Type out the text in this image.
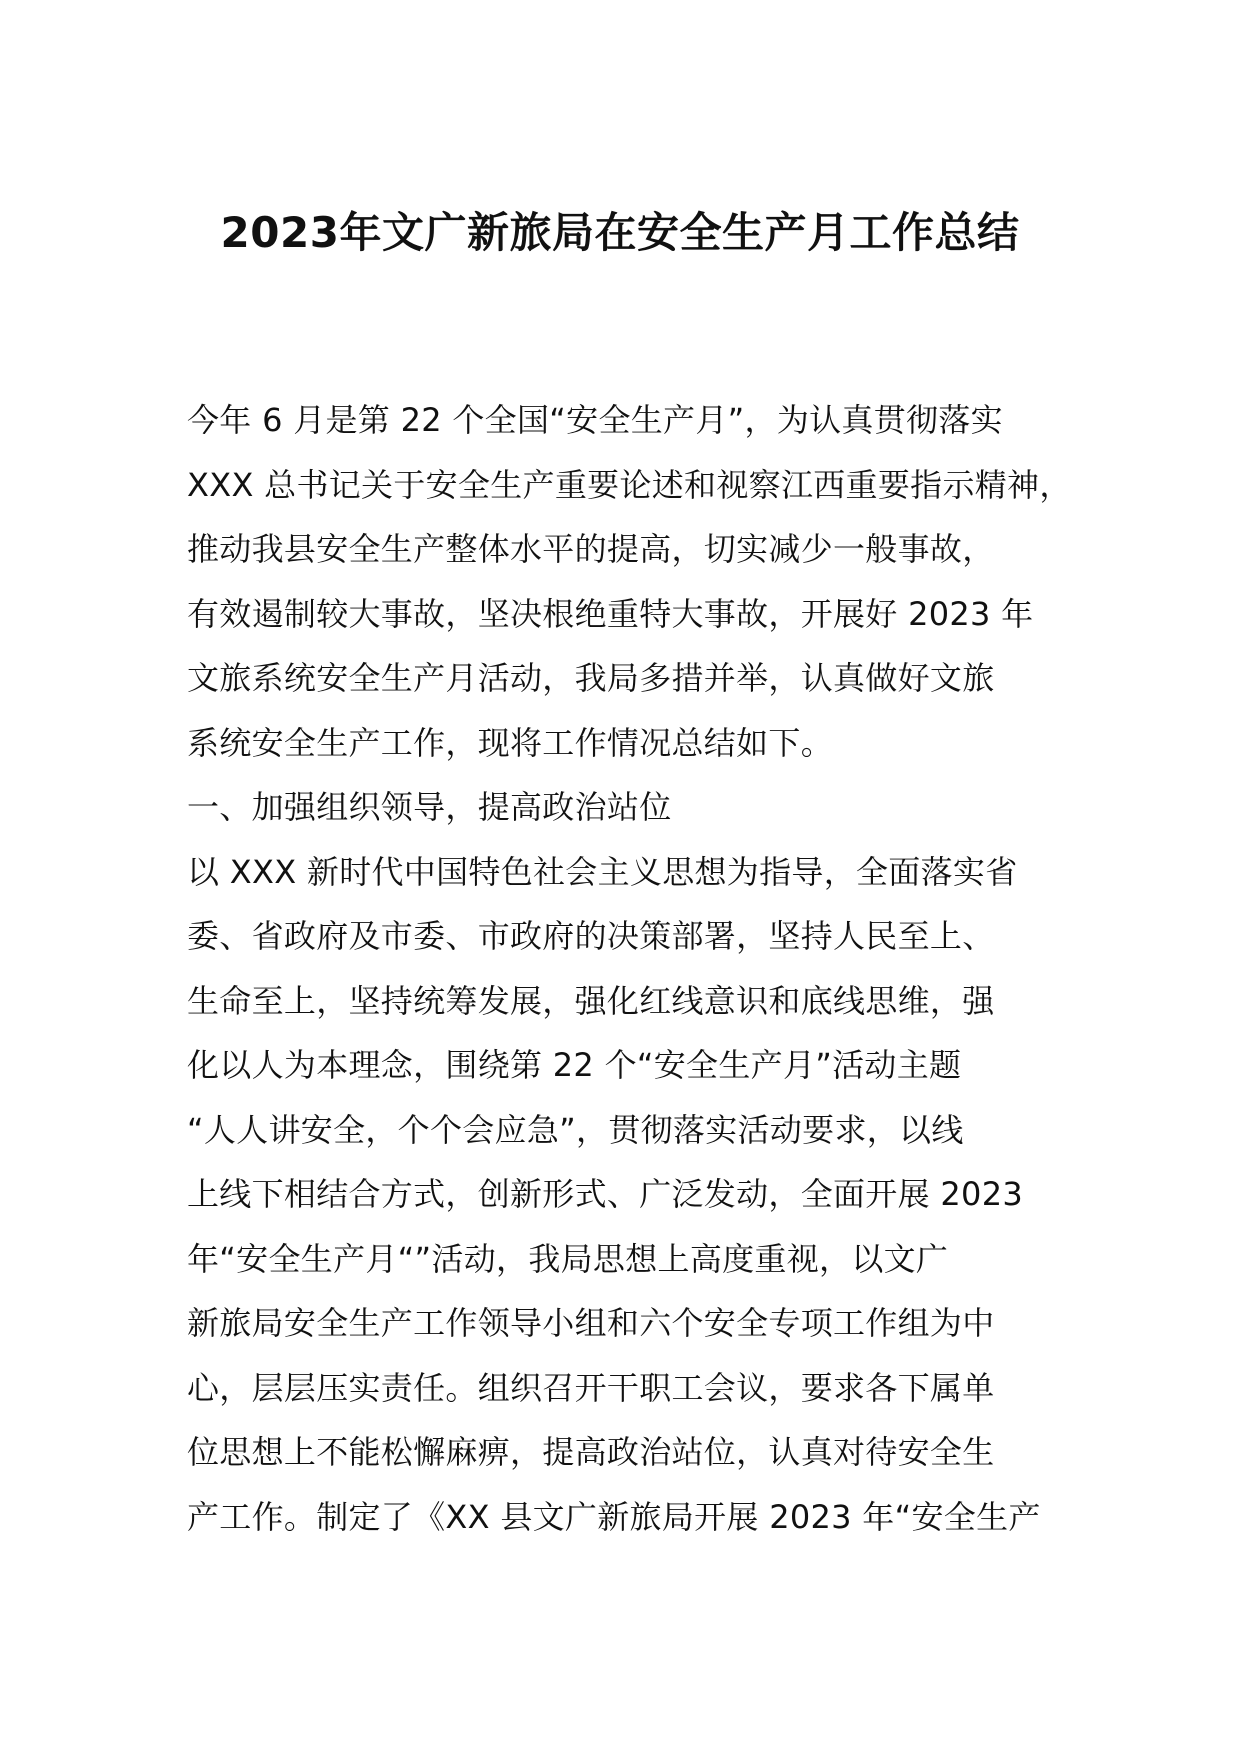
2023年文广新旅局在安全生产月工作总结
今年 6 月是第 22 个全国“安全生产月”，为认真贯彻落实
XXX 总书记关于安全生产重要论述和视察江西重要指示精神，
推动我县安全生产整体水平的提高，切实减少一般事故，
有效遏制较大事故，坚决根绝重特大事故，开展好 2023 年
文旅系统安全生产月活动，我局多措并举，认真做好文旅
系统安全生产工作，现将工作情况总结如下。
一、加强组织领导，提高政治站位
以 XXX 新时代中国特色社会主义思想为指导，全面落实省
委、省政府及市委、市政府的决策部署，坚持人民至上、
生命至上，坚持统筹发展，强化红线意识和底线思维，强
化以人为本理念，围绕第 22 个“安全生产月”活动主题
“人人讲安全，个个会应急”，贯彻落实活动要求，以线
上线下相结合方式，创新形式、广泛发动，全面开展 2023
年“安全生产月“”活动，我局思想上高度重视，以文广
新旅局安全生产工作领导小组和六个安全专项工作组为中
心，层层压实责任。组织召开干职工会议，要求各下属单
位思想上不能松懈麻痹，提高政治站位，认真对待安全生
产工作。制定了《XX 县文广新旅局开展 2023 年“安全生产
